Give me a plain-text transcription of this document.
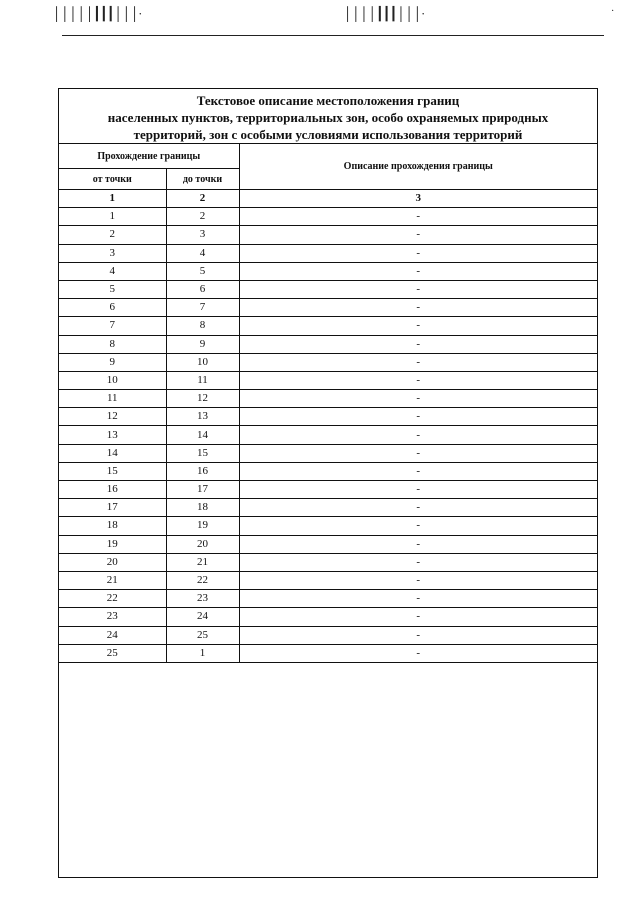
│││││┃┃┃│││·	││││┃┃┃│││·	·
Текстовое описание местоположения границ
населенных пунктов, территориальных зон, особо охраняемых природных
территорий, зон с особыми условиями использования территорий
Прохождение границы		Описание прохождения границы
от точки	до точки	
1	2	3
1	2	-
2	3	-
3	4	-
4	5	-
5	6	-
6	7	-
7	8	-
8	9	-
9	10	-
10	11	-
11	12	-
12	13	-
13	14	-
14	15	-
15	16	-
16	17	-
17	18	-
18	19	-
19	20	-
20	21	-
21	22	-
22	23	-
23	24	-
24	25	-
25	1	-
